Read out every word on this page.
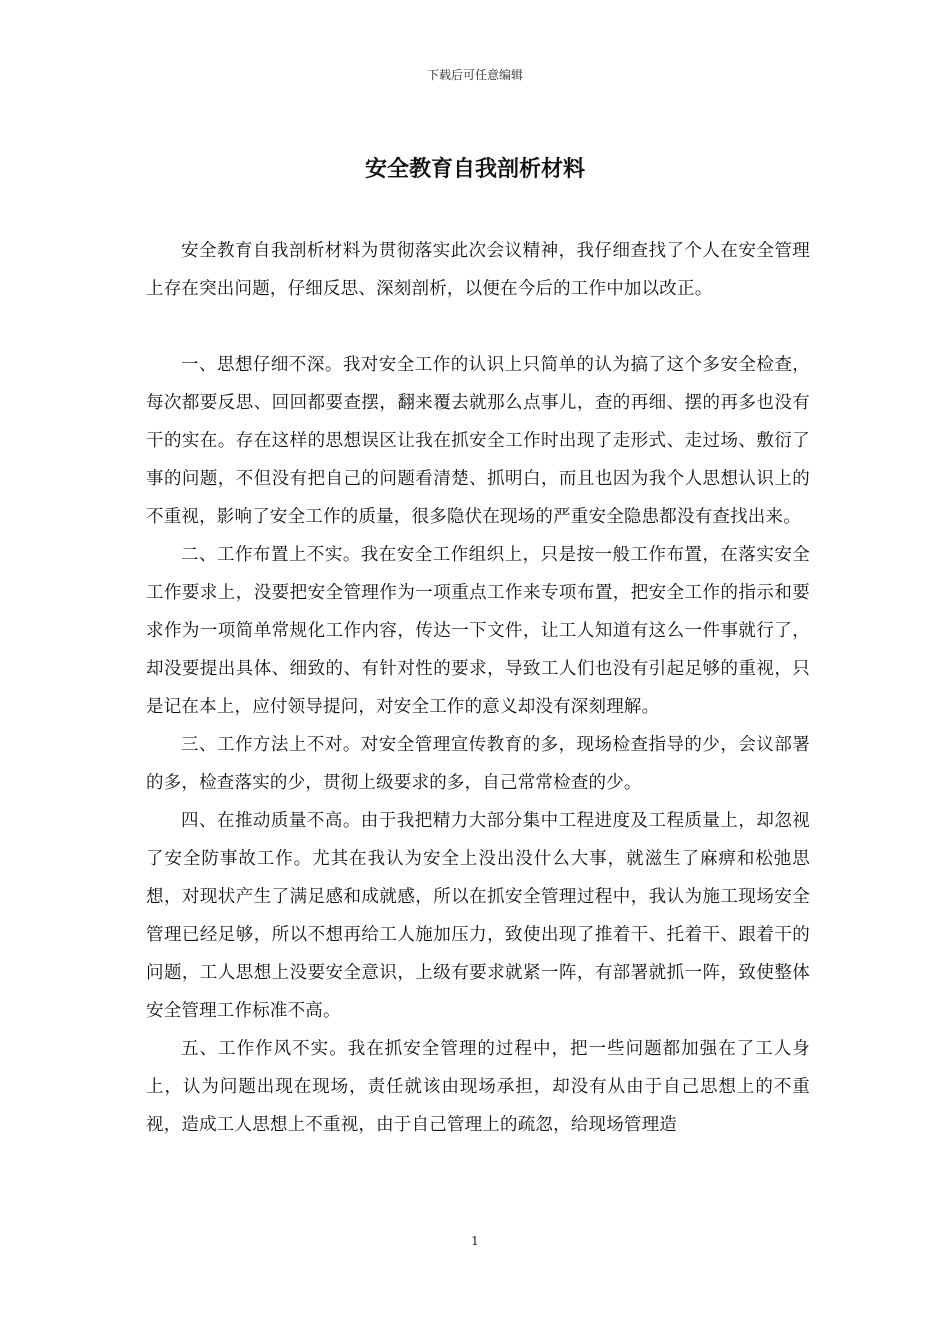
下载后可任意编辑
安全教育自我剖析材料

安全教育自我剖析材料为贯彻落实此次会议精神，我仔细查找了个人在安全管理上存在突出问题，仔细反思、深刻剖析，以便在今后的工作中加以改正。

一、思想仔细不深。我对安全工作的认识上只简单的认为搞了这个多安全检查，每次都要反思、回回都要查摆，翻来覆去就那么点事儿，查的再细、摆的再多也没有干的实在。存在这样的思想误区让我在抓安全工作时出现了走形式、走过场、敷衍了事的问题，不但没有把自己的问题看清楚、抓明白，而且也因为我个人思想认识上的不重视，影响了安全工作的质量，很多隐伏在现场的严重安全隐患都没有查找出来。

二、工作布置上不实。我在安全工作组织上，只是按一般工作布置，在落实安全工作要求上，没要把安全管理作为一项重点工作来专项布置，把安全工作的指示和要求作为一项简单常规化工作内容，传达一下文件，让工人知道有这么一件事就行了，却没要提出具体、细致的、有针对性的要求，导致工人们也没有引起足够的重视，只是记在本上，应付领导提问，对安全工作的意义却没有深刻理解。

三、工作方法上不对。对安全管理宣传教育的多，现场检查指导的少，会议部署的多，检查落实的少，贯彻上级要求的多，自己常常检查的少。

四、在推动质量不高。由于我把精力大部分集中工程进度及工程质量上，却忽视了安全防事故工作。尤其在我认为安全上没出没什么大事，就滋生了麻痹和松弛思想，对现状产生了满足感和成就感，所以在抓安全管理过程中，我认为施工现场安全管理已经足够，所以不想再给工人施加压力，致使出现了推着干、托着干、跟着干的问题，工人思想上没要安全意识，上级有要求就紧一阵，有部署就抓一阵，致使整体安全管理工作标准不高。

五、工作作风不实。我在抓安全管理的过程中，把一些问题都加强在了工人身上，认为问题出现在现场，责任就该由现场承担，却没有从由于自己思想上的不重视，造成工人思想上不重视，由于自己管理上的疏忽，给现场管理造

1
